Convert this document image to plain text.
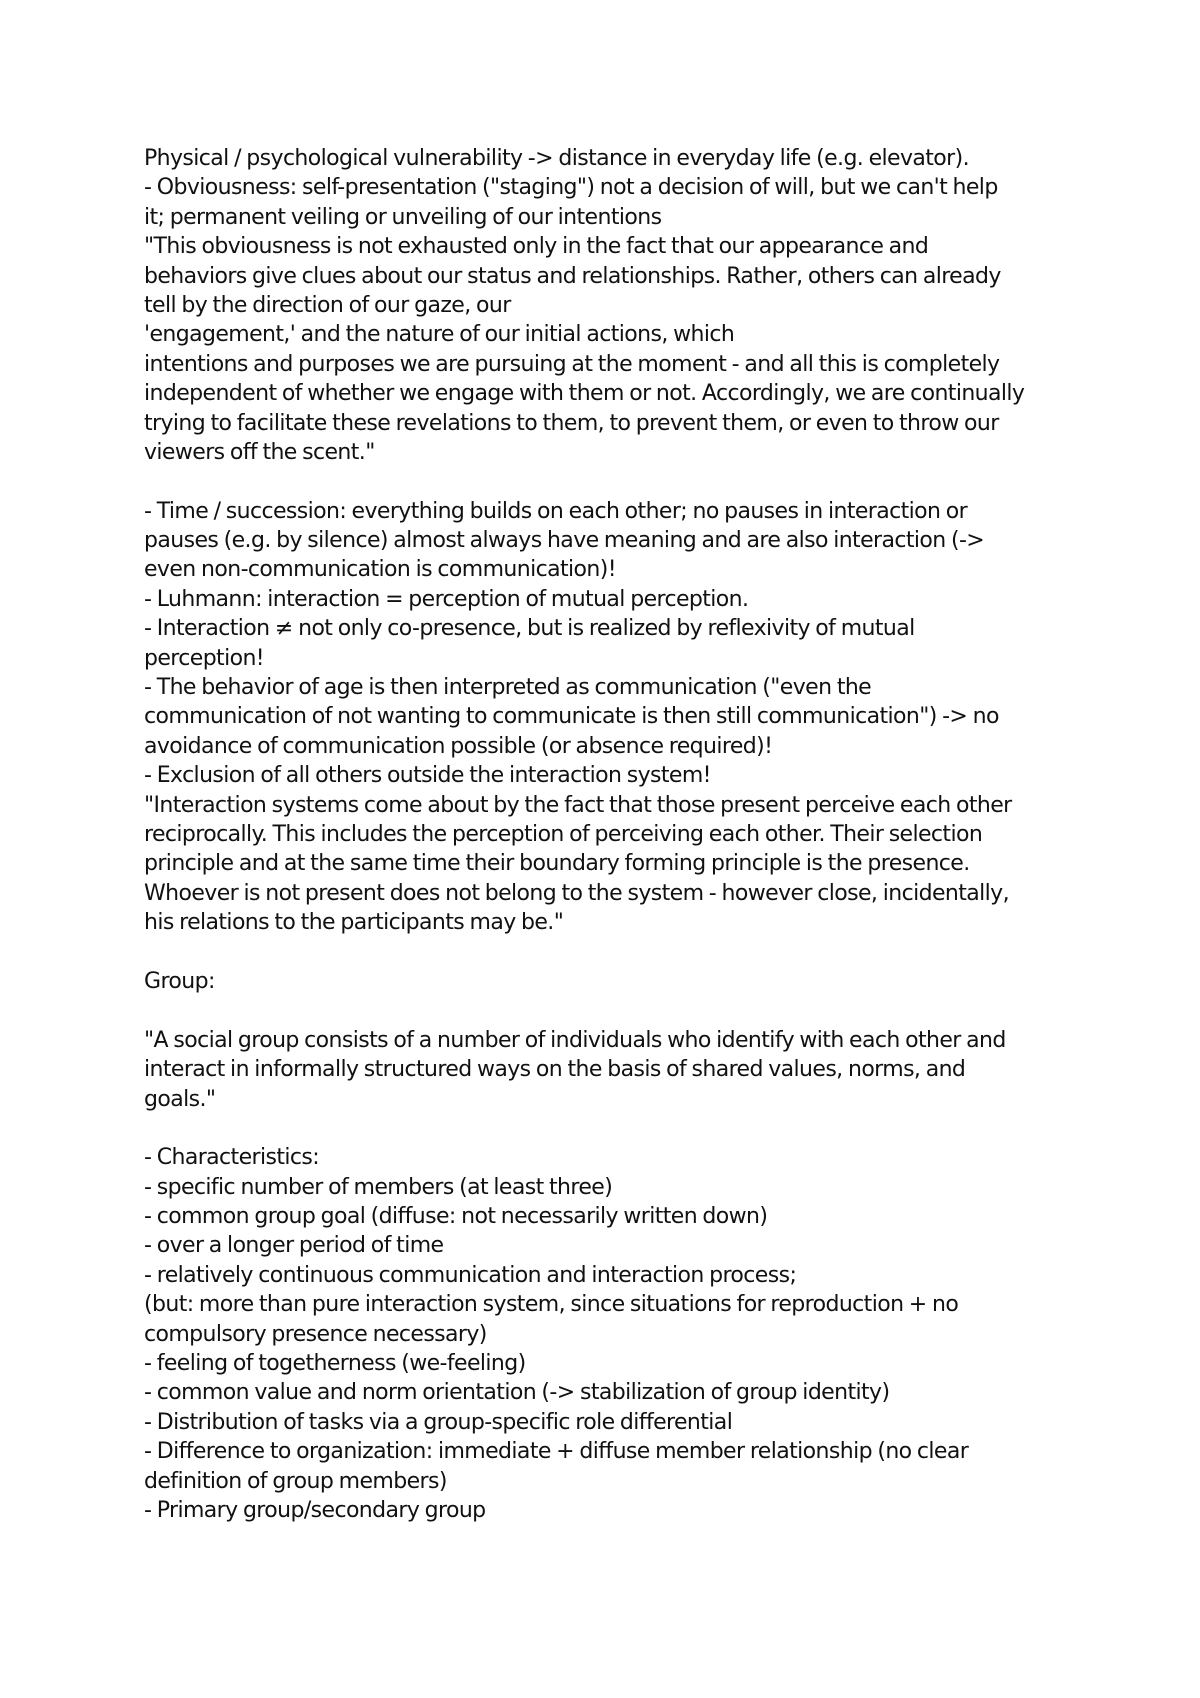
Physical / psychological vulnerability -> distance in everyday life (e.g. elevator).
- Obviousness: self-presentation ("staging") not a decision of will, but we can't help
it; permanent veiling or unveiling of our intentions
"This obviousness is not exhausted only in the fact that our appearance and
behaviors give clues about our status and relationships. Rather, others can already
tell by the direction of our gaze, our
'engagement,' and the nature of our initial actions, which
intentions and purposes we are pursuing at the moment - and all this is completely
independent of whether we engage with them or not. Accordingly, we are continually
trying to facilitate these revelations to them, to prevent them, or even to throw our
viewers off the scent."
- Time / succession: everything builds on each other; no pauses in interaction or
pauses (e.g. by silence) almost always have meaning and are also interaction (->
even non-communication is communication)!
- Luhmann: interaction = perception of mutual perception.
- Interaction ≠ not only co-presence, but is realized by reflexivity of mutual
perception!
- The behavior of age is then interpreted as communication ("even the
communication of not wanting to communicate is then still communication") -> no
avoidance of communication possible (or absence required)!
- Exclusion of all others outside the interaction system!
"Interaction systems come about by the fact that those present perceive each other
reciprocally. This includes the perception of perceiving each other. Their selection
principle and at the same time their boundary forming principle is the presence.
Whoever is not present does not belong to the system - however close, incidentally,
his relations to the participants may be."
Group:
"A social group consists of a number of individuals who identify with each other and
interact in informally structured ways on the basis of shared values, norms, and
goals."
- Characteristics:
- specific number of members (at least three)
- common group goal (diffuse: not necessarily written down)
- over a longer period of time
- relatively continuous communication and interaction process;
(but: more than pure interaction system, since situations for reproduction + no
compulsory presence necessary)
- feeling of togetherness (we-feeling)
- common value and norm orientation (-> stabilization of group identity)
- Distribution of tasks via a group-specific role differential
- Difference to organization: immediate + diffuse member relationship (no clear
definition of group members)
- Primary group/secondary group
